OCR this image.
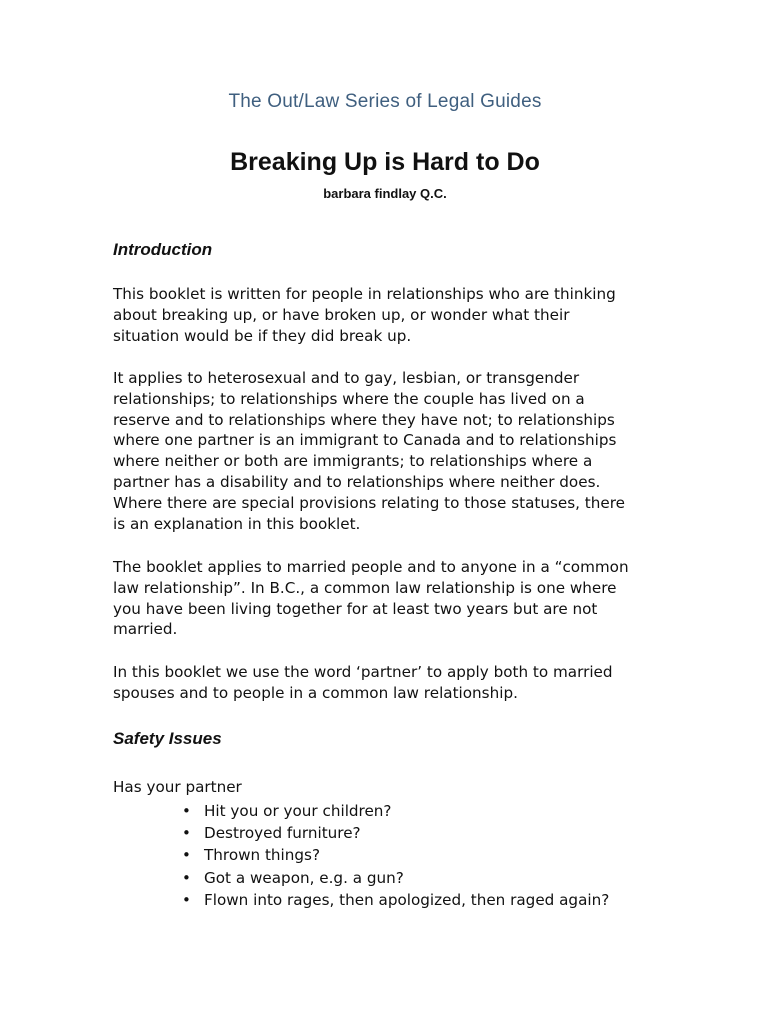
The Out/Law Series of Legal Guides
Breaking Up is Hard to Do
barbara findlay Q.C.
Introduction

This booklet is written for people in relationships who are thinking
about breaking up, or have broken up, or wonder what their
situation would be if they did break up.

It applies to heterosexual and to gay, lesbian, or transgender
relationships; to relationships where the couple has lived on a
reserve and to relationships where they have not; to relationships
where one partner is an immigrant to Canada and to relationships
where neither or both are immigrants; to relationships where a
partner has a disability and to relationships where neither does.
Where there are special provisions relating to those statuses, there
is an explanation in this booklet.

The booklet applies to married people and to anyone in a “common
law relationship”. In B.C., a common law relationship is one where
you have been living together for at least two years but are not
married.

In this booklet we use the word ‘partner’ to apply both to married
spouses and to people in a common law relationship.

Safety Issues

Has your partner

• Hit you or your children?
• Destroyed furniture?
• Thrown things?
• Got a weapon, e.g. a gun?
• Flown into rages, then apologized, then raged again?
